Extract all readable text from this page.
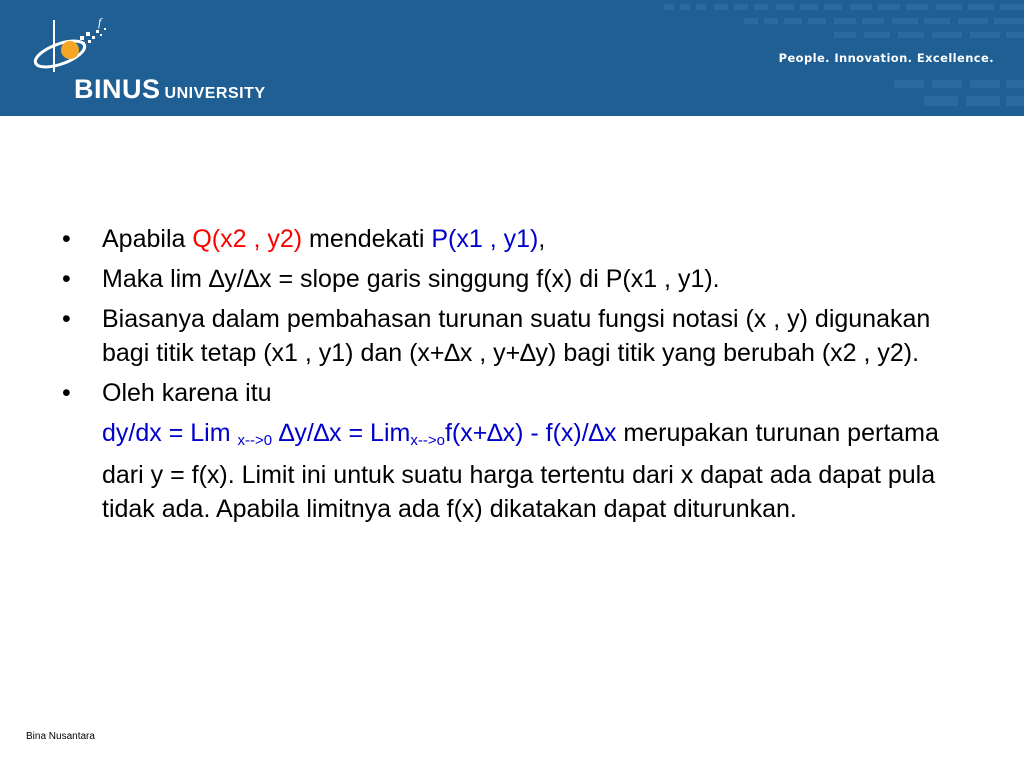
f
BINUS UNIVERSITY
People. Innovation. Excellence.
• Apabila Q(x2 , y2) mendekati P(x1 , y1),
• Maka lim ∆y/∆x = slope garis singgung f(x) di P(x1 , y1).
• Biasanya dalam pembahasan turunan suatu fungsi notasi (x , y) digunakan bagi titik tetap (x1 , y1) dan (x+∆x , y+∆y) bagi titik yang berubah (x2 , y2).
• Oleh karena itu
dy/dx = Lim $_{x-->0}$ ∆y/∆x = Lim$_{x-->o}$f(x+∆x) - f(x)/∆x merupakan turunan pertama dari y = f(x). Limit ini untuk suatu harga tertentu dari x dapat ada dapat pula tidak ada. Apabila limitnya ada f(x) dikatakan dapat diturunkan.
Bina Nusantara
